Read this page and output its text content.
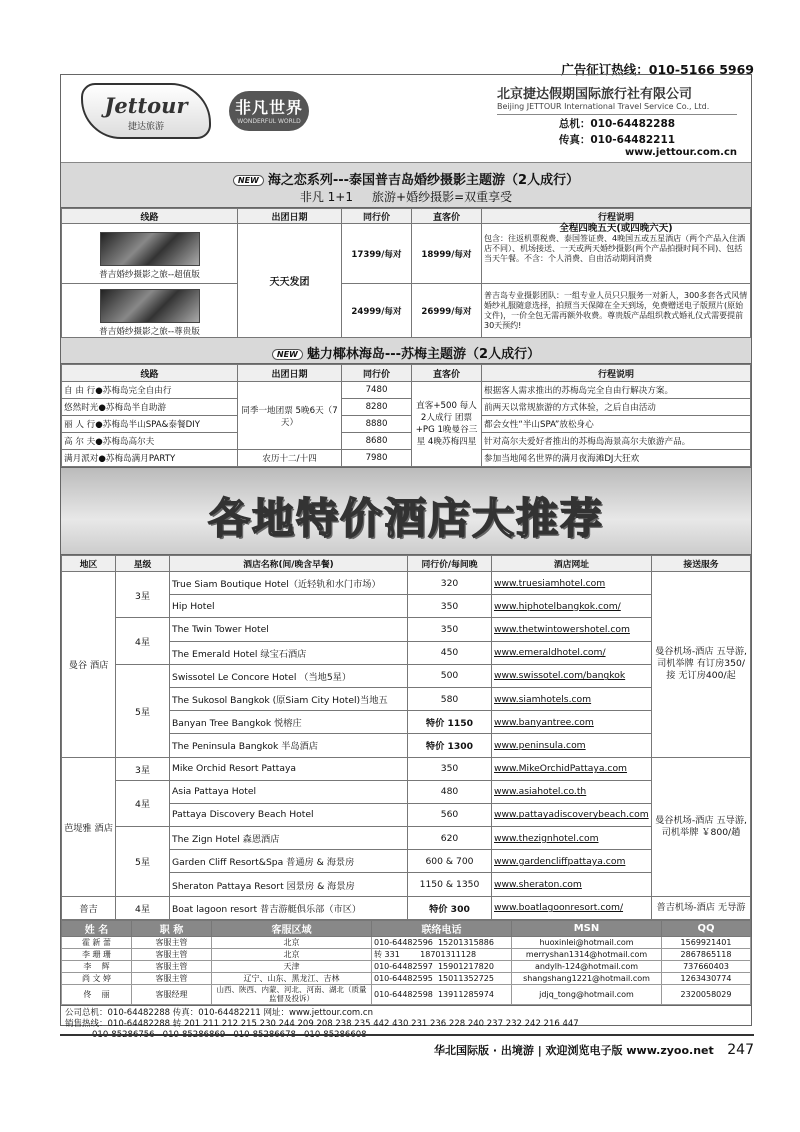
广告征订热线：010-5166 5969
Jettour
捷达旅游
非凡世界
WONDERFUL WORLD
北京捷达假期国际旅行社有限公司
Beijing JETTOUR International Travel Service Co., Ltd.
总机：010-64482288
传真：010-64482211
www.jettour.com.cn
NEW 海之恋系列---泰国普吉岛婚纱摄影主题游（2人成行）
非凡 1+1     旅游+婚纱摄影=双重享受
线路	出团日期	同行价	直客价	行程说明

普吉婚纱摄影之旅--超值版	天天发团	17399/每对	18999/每对	全程四晚五天(或四晚六天)
包含：往返机票税费、泰国签证费、4晚国五或五星酒店（两个产品入住酒店不同）、机场接送、一天或两天婚纱摄影(两个产品拍摄时间不同)、包括当天午餐。不含：个人消费、自由活动期间消费

普吉婚纱摄影之旅--尊贵版		24999/每对	26999/每对	普吉岛专业摄影团队：一组专业人员只只服务一对新人，300多套各式风情婚纱礼服随意选择，拍照当天保障在全天到场，免费赠送电子版照片(原始文件)，一价全包无需再额外收费。尊贵版产品组织教式婚礼仪式需要提前30天预约!
NEW 魅力椰林海岛---苏梅主题游（2人成行）
线路	出团日期	同行价	直客价	行程说明
自 由 行●苏梅岛完全自由行	同季一地团票 5晚6天（7天）	7480	直客+500 每人 2人成行 团票+PG 1晚曼谷三星 4晚苏梅四星	根据客人需求推出的苏梅岛完全自由行解决方案。
悠然时光●苏梅岛半自助游		8280		前两天以常规旅游的方式体验，之后自由活动
丽 人 行●苏梅岛半山SPA&泰餐DIY		8880		都会女性“半山SPA”放松身心
高 尔 夫●苏梅岛高尔夫		8680		针对高尔夫爱好者推出的苏梅岛海景高尔夫旅游产品。
满月派对●苏梅岛满月PARTY	农历十二/十四	7980		参加当地闻名世界的满月夜海滩DJ大狂欢
各地特价酒店大推荐
地区	星级	酒店名称(间/晚含早餐)	同行价/每间晚	酒店网址	接送服务
曼谷 酒店	3星	True Siam Boutique Hotel（近轻轨和水门市场）	320	www.truesiamhotel.com	曼谷机场-酒店 五导游,司机举牌 有订房350/接 无订房400/起
		Hip Hotel	350	www.hiphotelbangkok.com/	
	4星	The Twin Tower Hotel	350	www.thetwintowershotel.com	
		The Emerald Hotel 绿宝石酒店	450	www.emeraldhotel.com/	
	5星	Swissotel Le Concore Hotel （当地5星）	500	www.swissotel.com/bangkok	
		The Sukosol Bangkok (原Siam City Hotel)当地五	580	www.siamhotels.com	
		Banyan Tree Bangkok 悦榕庄	特价 1150	www.banyantree.com	
		The Peninsula Bangkok 半岛酒店	特价 1300	www.peninsula.com	
芭堤雅 酒店	3星	Mike Orchid Resort Pattaya	350	www.MikeOrchidPattaya.com	曼谷机场-酒店 五导游,司机举牌 ￥800/趟
	4星	Asia Pattaya Hotel	480	www.asiahotel.co.th	
		Pattaya Discovery Beach Hotel	560	www.pattayadiscoverybeach.com	
	5星	The Zign Hotel 森恩酒店	620	www.thezignhotel.com	
		Garden Cliff Resort&Spa 普通房 & 海景房	600 & 700	www.gardencliffpattaya.com	
		Sheraton Pattaya Resort 园景房 & 海景房	1150 & 1350	www.sheraton.com	
普吉	4星	Boat lagoon resort 普吉游艇俱乐部（市区）	特价 300	www.boatlagoonresort.com/	普吉机场-酒店 无导游
姓 名	职 称	客服区域	联络电话	MSN	QQ
霍 新 蕾	客服主管	北京	010-64482596  15201315886	huoxinlei@hotmail.com	1569921401
李 珊 珊	客服主管	北京	转 331        18701311128	merryshan1314@hotmail.com	2867865118
李    辉	客服主管	天津	010-64482597  15901217820	andylh-124@hotmail.com	737660403
尚 文 婷	客服主管	辽宁、山东、黑龙江、吉林	010-64482595  15011352725	shangshang1221@hotmail.com	1263430774
佟    丽	客服经理	山西、陕西、内蒙、河北、河南、湖北（质量监督及投诉）	010-64482598  13911285974	jdjq_tong@hotmail.com	2320058029
公司总机：010-64482288 传真：010-64482211 网址：www.jettour.com.cn
销售热线：010-64482288 转 201 211 212 215 230 244 209 208 238 235 442 430 231 236 228 240 237 232 242 216 447
010-85286756   010-85286869   010-85286678   010-85286608
华北国际版 · 出境游 | 欢迎浏览电子版 www.zyoo.net 247
